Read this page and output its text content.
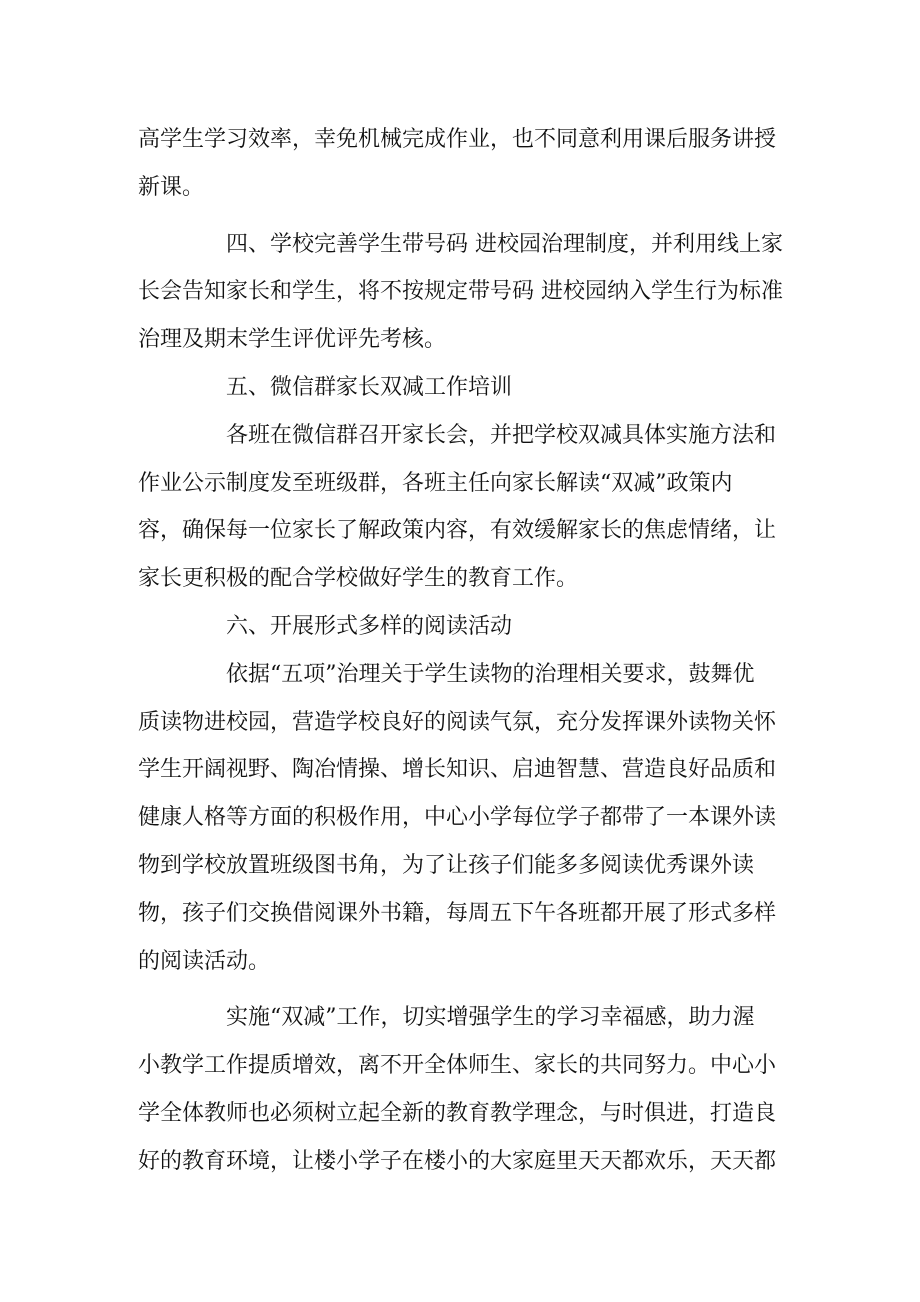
高学生学习效率，幸免机械完成作业，也不同意利用课后服务讲授
新课。
四、学校完善学生带号码 进校园治理制度，并利用线上家
长会告知家长和学生，将不按规定带号码 进校园纳入学生行为标准
治理及期末学生评优评先考核。
五、微信群家长双减工作培训
各班在微信群召开家长会，并把学校双减具体实施方法和
作业公示制度发至班级群，各班主任向家长解读“双减”政策内
容，确保每一位家长了解政策内容，有效缓解家长的焦虑情绪，让
家长更积极的配合学校做好学生的教育工作。
六、开展形式多样的阅读活动
依据“五项”治理关于学生读物的治理相关要求，鼓舞优
质读物进校园，营造学校良好的阅读气氛，充分发挥课外读物关怀
学生开阔视野、陶冶情操、增长知识、启迪智慧、营造良好品质和
健康人格等方面的积极作用，中心小学每位学子都带了一本课外读
物到学校放置班级图书角，为了让孩子们能多多阅读优秀课外读
物，孩子们交换借阅课外书籍，每周五下午各班都开展了形式多样
的阅读活动。
实施“双减”工作，切实增强学生的学习幸福感，助力渥
小教学工作提质增效，离不开全体师生、家长的共同努力。中心小
学全体教师也必须树立起全新的教育教学理念，与时俱进，打造良
好的教育环境，让楼小学子在楼小的大家庭里天天都欢乐，天天都
